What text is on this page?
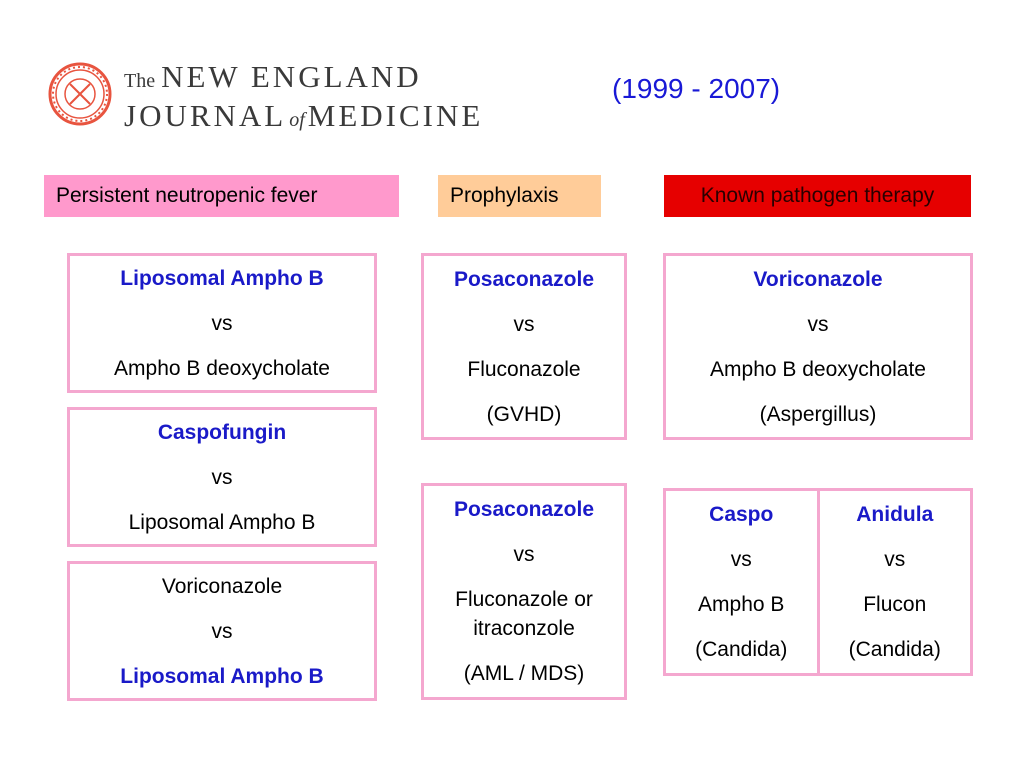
The NEW ENGLAND
JOURNAL ofMEDICINE
(1999 - 2007)
Persistent neutropenic fever	Prophylaxis	Known pathogen therapy
Liposomal Ampho B
vs
Ampho B deoxycholate
Caspofungin
vs
Liposomal Ampho B
Voriconazole
vs
Liposomal Ampho B
Posaconazole
vs
Fluconazole
(GVHD)
Posaconazole
vs
Fluconazole or
itraconzole
(AML / MDS)
Voriconazole
vs
Ampho B deoxycholate
(Aspergillus)
Caspo
vs
Ampho B
(Candida)
Anidula
vs
Flucon
(Candida)
